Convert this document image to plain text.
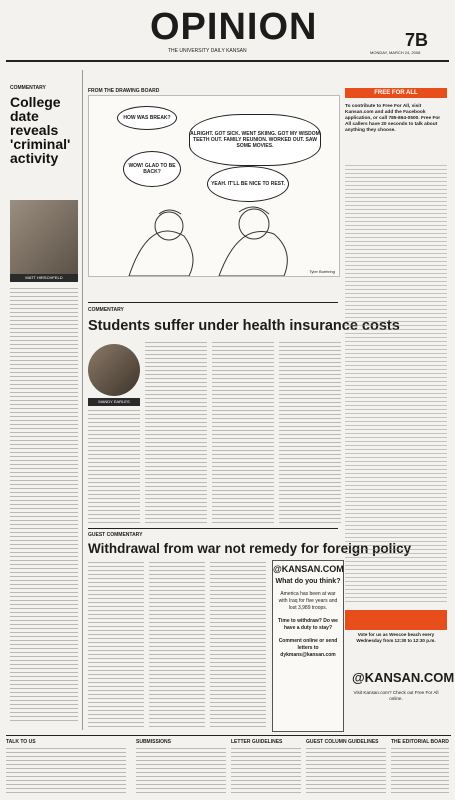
OPINION
THE UNIVERSITY DAILY KANSAN
7B
MONDAY, MARCH 24, 2008
COMMENTARY
College date reveals 'criminal' activity
MATT HIRSCHFELD
FROM THE DRAWING BOARD
HOW WAS BREAK?
ALRIGHT. GOT SICK. WENT SKIING. GOT MY WISDOM TEETH OUT. FAMILY REUNION. WORKED OUT. SAW SOME MOVIES.
WOW! GLAD TO BE BACK?
YEAH. IT'LL BE NICE TO REST.
Tyler Boehring
COMMENTARY
Students suffer under health insurance costs
MANDY EARLES
GUEST COMMENTARY
Withdrawal from war not remedy for foreign policy
@KANSAN.COM
What do you think?
America has been at war with Iraq for five years and lost 3,989 troops.
Time to withdraw? Do we have a duty to stay?
Comment online or send letters to dykmans@kansan.com
FREE FOR ALL
To contribute to Free For All, visit Kansan.com and add the Facebook application, or call 785-864-0500. Free For All callers have 20 seconds to talk about anything they choose.
Vote for us as Wescoe beach every Wednesday from 12:30 to 12:30 p.m.
@KANSAN.COM
Visit Kansan.com? Check out Free For All online.
TALK TO US	SUBMISSIONS	LETTER GUIDELINES	GUEST COLUMN GUIDELINES THE EDITORIAL BOARD
